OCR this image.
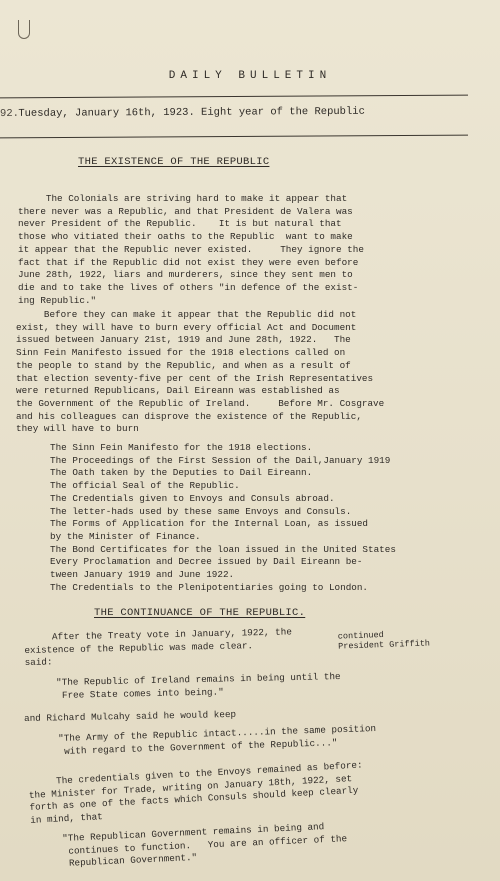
DAILY BULLETIN
92. Tuesday, January 16th, 1923. Eight year of the Republic
THE EXISTENCE OF THE REPUBLIC
The Colonials are striving hard to make it appear that
there never was a Republic, and that President de Valera was
never President of the Republic.    It is but natural that
those who vitiated their oaths to the Republic  want to make
it appear that the Republic never existed.     They ignore the
fact that if the Republic did not exist they were even before
June 28th, 1922, liars and murderers, since they sent men to
die and to take the lives of others "in defence of the exist-
ing Republic."
Before they can make it appear that the Republic did not
exist, they will have to burn every official Act and Document
issued between January 21st, 1919 and June 28th, 1922.   The
Sinn Fein Manifesto issued for the 1918 elections called on
the people to stand by the Republic, and when as a result of
that election seventy-five per cent of the Irish Representatives
were returned Republicans, Dail Eireann was established as
the Government of the Republic of Ireland.     Before Mr. Cosgrave
and his colleagues can disprove the existence of the Republic,
they will have to burn
The Sinn Fein Manifesto for the 1918 elections.
The Proceedings of the First Session of the Dail,January 1919
The Oath taken by the Deputies to Dail Eireann.
The official Seal of the Republic.
The Credentials given to Envoys and Consuls abroad.
The letter-hads used by these same Envoys and Consuls.
The Forms of Application for the Internal Loan, as issued
by the Minister of Finance.
The Bond Certificates for the loan issued in the United States
Every Proclamation and Decree issued by Dail Eireann be-
tween January 1919 and June 1922.
The Credentials to the Plenipotentiaries going to London.
THE CONTINUANCE OF THE REPUBLIC.
After the Treaty vote in January, 1922, the
existence of the Republic was made clear.
said:
continued
President Griffith
"The Republic of Ireland remains in being until the
Free State comes into being."
and Richard Mulcahy said he would keep
"The Army of the Republic intact.....in the same position
with regard to the Government of the Republic..."
The credentials given to the Envoys remained as before:
the Minister for Trade, writing on January 18th, 1922, set
forth as one of the facts which Consuls should keep clearly
in mind, that
"The Republican Government remains in being and
continues to function.   You are an officer of the
Republican Government."
